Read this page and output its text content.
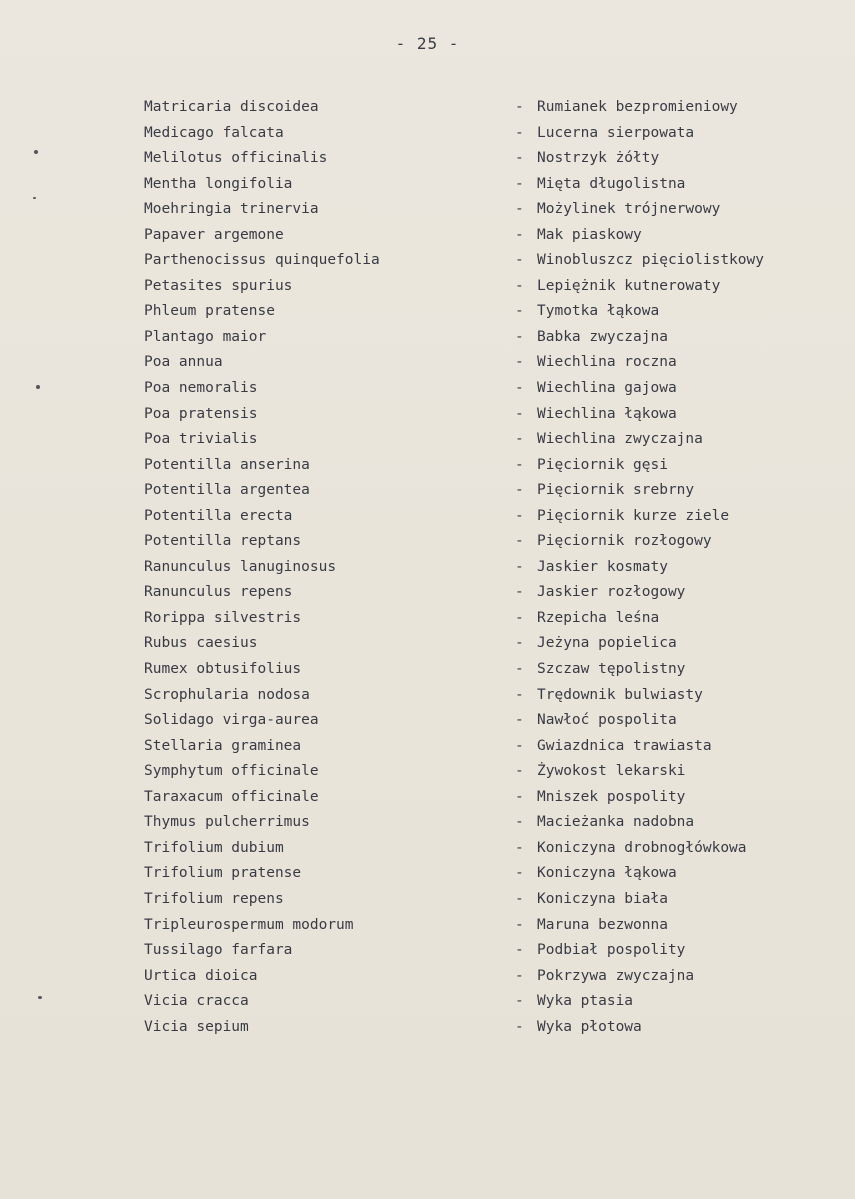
- 25 -
Matricaria discoidea	- Rumianek bezpromieniowy
Medicago falcata	- Lucerna sierpowata
Melilotus officinalis	- Nostrzyk żółty
Mentha longifolia	- Mięta długolistna
Moehringia trinervia	- Możylinek trójnerwowy
Papaver argemone	- Mak piaskowy
Parthenocissus quinquefolia	- Winobluszcz pięciolistkowy
Petasites spurius	- Lepiężnik kutnerowaty
Phleum pratense	- Tymotka łąkowa
Plantago maior	- Babka zwyczajna
Poa annua	- Wiechlina roczna
Poa nemoralis	- Wiechlina gajowa
Poa pratensis	- Wiechlina łąkowa
Poa trivialis	- Wiechlina zwyczajna
Potentilla anserina	- Pięciornik gęsi
Potentilla argentea	- Pięciornik srebrny
Potentilla erecta	- Pięciornik kurze ziele
Potentilla reptans	- Pięciornik rozłogowy
Ranunculus lanuginosus	- Jaskier kosmaty
Ranunculus repens	- Jaskier rozłogowy
Rorippa silvestris	- Rzepicha leśna
Rubus caesius	- Jeżyna popielica
Rumex obtusifolius	- Szczaw tępolistny
Scrophularia nodosa	- Trędownik bulwiasty
Solidago virga-aurea	- Nawłoć pospolita
Stellaria graminea	- Gwiazdnica trawiasta
Symphytum officinale	- Żywokost lekarski
Taraxacum officinale	- Mniszek pospolity
Thymus pulcherrimus	- Macieżanka nadobna
Trifolium dubium	- Koniczyna drobnogłówkowa
Trifolium pratense	- Koniczyna łąkowa
Trifolium repens	- Koniczyna biała
Tripleurospermum modorum	- Maruna bezwonna
Tussilago farfara	- Podbiał pospolity
Urtica dioica	- Pokrzywa zwyczajna
Vicia cracca	- Wyka ptasia
Vicia sepium	- Wyka płotowa
